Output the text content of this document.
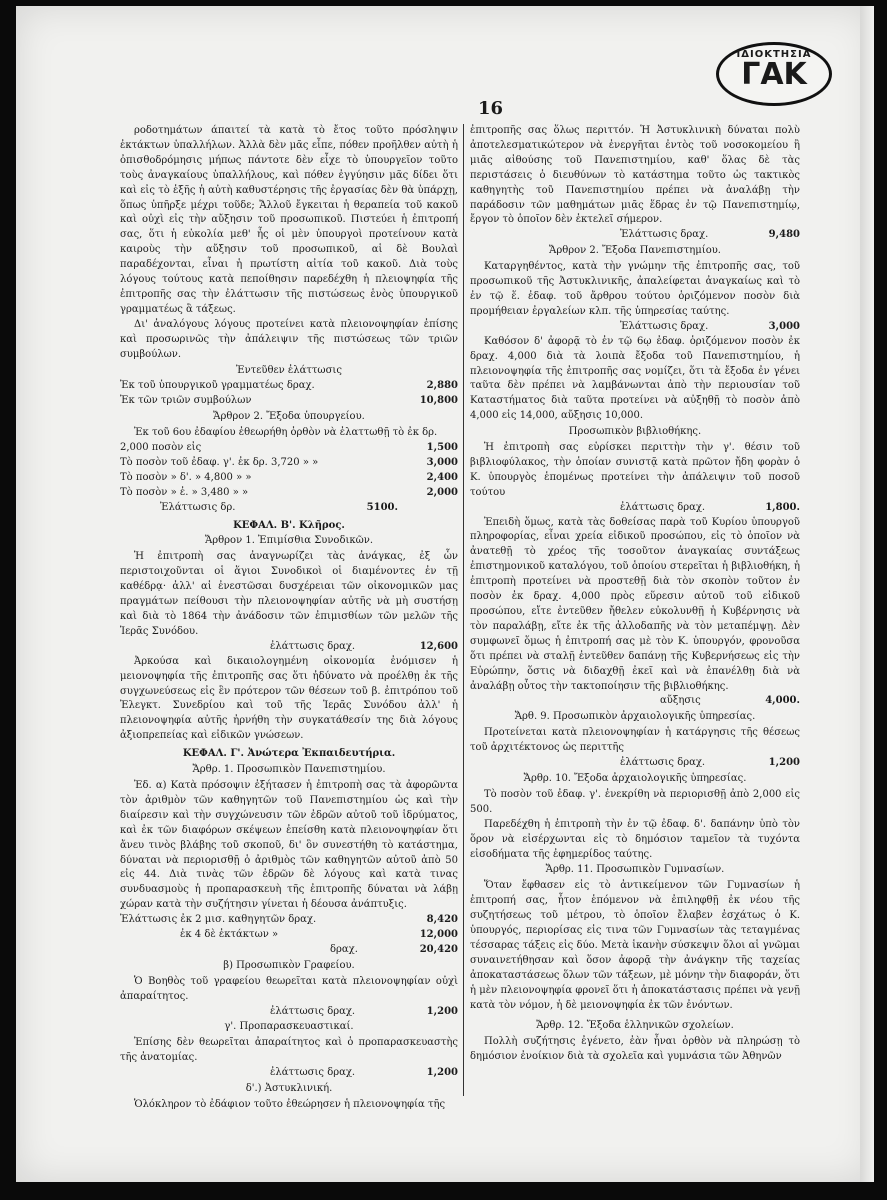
ΙΔΙΟΚΤΗΣΙΑ
ΓΑΚ
16

ροδοτημάτων άπαιτεί τὰ κατὰ τὸ ἔτος τοῦτο πρόσληψιν ἐκτάκτων ὑπαλλήλων. Ἀλλὰ δὲν μᾶς εἶπε, πόθεν προῆλθεν αὐτὴ ἡ ὀπισθοδρόμησις μήπως πάντοτε δὲν εἶχε τὸ ὑπουργεῖον τοῦτο τοὺς ἀναγκαίους ὑπαλλήλους, καὶ πόθεν ἐγγύησιν μᾶς δίδει ὅτι καὶ εἰς τὸ ἑξῆς ἡ αὐτὴ καθυστέρησις τῆς ἐργασίας δὲν θὰ ὑπάρχῃ, ὅπως ὑπῆρξε μέχρι τοῦδε; Ἄλλοῦ ἔγκειται ἡ θεραπεία τοῦ κακοῦ καὶ οὐχὶ εἰς τὴν αὔξησιν τοῦ προσωπικοῦ. Πιστεύει ἡ ἐπιτροπή σας, ὅτι ἡ εὐκολία μεθ' ἧς οἱ μὲν ὑπουργοὶ προτείνουν κατὰ καιροὺς τὴν αὔξησιν τοῦ προσωπικοῦ, αἱ δὲ Βουλαὶ παραδέχονται, εἶναι ἡ πρωτίστη αἰτία τοῦ κακοῦ. Διὰ τοὺς λόγους τούτους κατὰ πεποίθησιν παρεδέχθη ἡ πλειοψηφία τῆς ἐπιτροπῆς σας τὴν ἐλάττωσιν τῆς πιστώσεως ἑνὸς ὑπουργικοῦ γραμματέως ἃ τάξεως.

Δι' ἀναλόγους λόγους προτείνει κατὰ πλειονοψηφίαν ἐπίσης καὶ προσωρινῶς τὴν ἀπάλειψιν τῆς πιστώσεως τῶν τριῶν συμβούλων.

Ἐντεῦθεν ἐλάττωσις

Ἐκ τοῦ ὑπουργικοῦ γραμματέως δραχ.	2,880
Ἐκ τῶν τριῶν συμβούλων	10,800

Ἄρθρον 2. Ἔξοδα ὑπουργείου.

Ἐκ τοῦ 6ου ἐδαφίου ἐθεωρήθη ὀρθὸν νὰ ἐλαττωθῇ τὸ ἐκ δρ.

2,000 ποσὸν εἰς	1,500
Τὸ ποσὸν τοῦ ἐδαφ. γ'. ἐκ δρ. 3,720 » »	3,000
Τὸ ποσὸν » δ'. » 4,800 » »	2,400
Τὸ ποσὸν » ἐ. » 3,480 » »	2,000
Ἐλάττωσις δρ.	5100.

ΚΕΦΑΛ. Β'. Κλῆρος.

Ἄρθρον 1. Ἐπιμίσθια Συνοδικῶν.

Ἡ ἐπιτροπὴ σας ἀναγνωρίζει τὰς ἀνάγκας, ἐξ ὧν περιστοιχοῦνται οἱ ἅγιοι Συνοδικοὶ οἱ διαμένοντες ἐν τῇ καθέδρᾳ· ἀλλ' αἱ ἐνεστῶσαι δυσχέρειαι τῶν οἰκονομικῶν μας πραγμάτων πείθουσι τὴν πλειονοψηφίαν αὐτῆς νὰ μὴ συστήσῃ καὶ διὰ τὸ 1864 τὴν ἀνάδοσιν τῶν ἐπιμισθίων τῶν μελῶν τῆς Ἱερᾶς Συνόδου.

ἐλάττωσις δραχ.	12,600

Ἀρκούσα καὶ δικαιολογημένη οἰκονομία ἐνόμισεν ἡ μειονοψηφία τῆς ἐπιτροπῆς σας ὅτι ἠδύνατο νὰ προέλθῃ ἐκ τῆς συγχωνεύσεως εἰς ἓν πρότερον τῶν θέσεων τοῦ β. ἐπιτρόπου τοῦ Ἐλεγκτ. Συνεδρίου καὶ τοῦ τῆς Ἱερᾶς Συνόδου ἀλλ' ἡ πλειονοψηφία αὐτῆς ἠρνήθη τὴν συγκατάθεσίν της διὰ λόγους ἀξιοπρεπείας καὶ εἰδικῶν γνώσεων.

ΚΕΦΑΛ. Γ'. Ἀνώτερα Ἐκπαιδευτήρια.

Ἄρθρ. 1. Προσωπικὸν Πανεπιστημίου.

Ἐδ. α) Κατὰ πρόσοψιν ἐξήτασεν ἡ ἐπιτροπὴ σας τὰ ἀφορῶντα τὸν ἀριθμὸν τῶν καθηγητῶν τοῦ Πανεπιστημίου ὡς καὶ τὴν διαίρεσιν καὶ τὴν συγχώνευσιν τῶν ἐδρῶν αὐτοῦ τοῦ ἱδρύματος, καὶ ἐκ τῶν διαφόρων σκέψεων ἐπείσθη κατὰ πλειονοψηφίαν ὅτι ἄνευ τινὸς βλάβης τοῦ σκοποῦ, δι' ὃν συνεστήθη τὸ κατάστημα, δύναται νὰ περιορισθῇ ὁ ἀριθμὸς τῶν καθηγητῶν αὐτοῦ ἀπὸ 50 εἰς 44. Διὰ τινὰς τῶν ἐδρῶν δὲ λόγους καὶ κατὰ τινας συνδυασμοὺς ἡ προπαρασκευὴ τῆς ἐπιτροπῆς δύναται νὰ λάβῃ χώραν κατὰ τὴν συζήτησιν γίνεται ἡ δέουσα ἀνάπτυξις.

Ἐλάττωσις ἐκ 2 μισ. καθηγητῶν δραχ.	8,420
ἐκ 4 δὲ ἐκτάκτων »	12,000
δραχ.	20,420

β) Προσωπικὸν Γραφείου.

Ὁ Βοηθὸς τοῦ γραφείου θεωρεῖται κατὰ πλειονοψηφίαν οὐχὶ ἀπαραίτητος.

ἐλάττωσις δραχ.	1,200

γ'. Προπαρασκευαστικαί.

Ἐπίσης δὲν θεωρεῖται ἀπαραίτητος καὶ ὁ προπαρασκευαστὴς τῆς ἀνατομίας.

ἐλάττωσις δραχ.	1,200

δ'.) Ἀστυκλινική.

Ὁλόκληρον τὸ ἐδάφιον τοῦτο ἐθεώρησεν ἡ πλειονοψηφία τῆς

ἐπιτροπῆς σας ὅλως περιττόν. Ἡ Ἀστυκλινικὴ δύναται πολὺ ἀποτελεσματικώτερον νὰ ἐνεργῆται ἐντὸς τοῦ νοσοκομείου ἢ μιᾶς αἰθούσης τοῦ Πανεπιστημίου, καθ' ὅλας δὲ τὰς περιστάσεις ὁ διευθύνων τὸ κατάστημα τοῦτο ὡς τακτικὸς καθηγητὴς τοῦ Πανεπιστημίου πρέπει νὰ ἀναλάβῃ τὴν παράδοσιν τῶν μαθημάτων μιᾶς ἕδρας ἐν τῷ Πανεπιστημίῳ, ἔργον τὸ ὁποῖον δὲν ἐκτελεῖ σήμερον.

Ἐλάττωσις δραχ.	9,480

Ἄρθρον 2. Ἔξοδα Πανεπιστημίου.

Καταργηθέντος, κατὰ τὴν γνώμην τῆς ἐπιτροπῆς σας, τοῦ προσωπικοῦ τῆς Ἀστυκλινικῆς, ἀπαλείφεται ἀναγκαίως καὶ τὸ ἐν τῷ ἕ. ἐδαφ. τοῦ ἄρθρου τούτου ὁριζόμενον ποσὸν διὰ προμήθειαν ἐργαλείων κλπ. τῆς ὑπηρεσίας ταύτης.

Ἐλάττωσις δραχ.	3,000

Καθόσον δ' ἀφορᾷ τὸ ἐν τῷ 6ῳ ἐδαφ. ὁριζόμενον ποσὸν ἐκ δραχ. 4,000 διὰ τὰ λοιπὰ ἔξοδα τοῦ Πανεπιστημίου, ἡ πλειονοψηφία τῆς ἐπιτροπῆς σας νομίζει, ὅτι τὰ ἔξοδα ἐν γένει ταῦτα δὲν πρέπει νὰ λαμβάνωνται ἀπὸ τὴν περιουσίαν τοῦ Καταστήματος διὰ ταῦτα προτείνει νὰ αὐξηθῇ τὸ ποσὸν ἀπὸ 4,000 εἰς 14,000, αὔξησις 10,000.

Προσωπικὸν βιβλιοθήκης.

Ἡ ἐπιτροπὴ σας εὑρίσκει περιττὴν τὴν γ'. θέσιν τοῦ βιβλιοφύλακος, τὴν ὁποίαν συνιστᾷ κατὰ πρῶτον ἤδη φορὰν ὁ Κ. ὑπουργὸς ἑπομένως προτείνει τὴν ἀπάλειψιν τοῦ ποσοῦ τούτου

ἐλάττωσις δραχ.	1,800.

Ἐπειδὴ ὅμως, κατὰ τὰς δοθείσας παρὰ τοῦ Κυρίου ὑπουργοῦ πληροφορίας, εἶναι χρεία εἰδικοῦ προσώπου, εἰς τὸ ὁποῖον νὰ ἀνατεθῇ τὸ χρέος τῆς τοσοῦτον ἀναγκαίας συντάξεως ἐπιστημονικοῦ καταλόγου, τοῦ ὁποίου στερεῖται ἡ βιβλιοθήκη, ἡ ἐπιτροπὴ προτείνει νὰ προστεθῇ διὰ τὸν σκοπὸν τοῦτον ἐν ποσὸν ἐκ δραχ. 4,000 πρὸς εὕρεσιν αὐτοῦ τοῦ εἰδικοῦ προσώπου, εἴτε ἐντεῦθεν ἤθελεν εὐκολυνθῇ ἡ Κυβέρνησις νὰ τὸν παραλάβῃ, εἴτε ἐκ τῆς ἀλλοδαπῆς νὰ τὸν μεταπέμψῃ. Δὲν συμφωνεῖ ὅμως ἡ ἐπιτροπή σας μὲ τὸν Κ. ὑπουργόν, φρονοῦσα ὅτι πρέπει νὰ σταλῇ ἐντεῦθεν δαπάνῃ τῆς Κυβερνήσεως εἰς τὴν Εὐρώπην, ὅστις νὰ διδαχθῇ ἐκεῖ καὶ νὰ ἐπανέλθῃ διὰ νὰ ἀναλάβῃ οὗτος τὴν τακτοποίησιν τῆς βιβλιοθήκης.

αὔξησις	4,000.

Ἄρθ. 9. Προσωπικὸν ἀρχαιολογικῆς ὑπηρεσίας.

Προτείνεται κατὰ πλειονοψηφίαν ἡ κατάργησις τῆς θέσεως τοῦ ἀρχιτέκτονος ὡς περιττῆς

ἐλάττωσις δραχ.	1,200

Ἄρθρ. 10. Ἔξοδα ἀρχαιολογικῆς ὑπηρεσίας.

Τὸ ποσὸν τοῦ ἐδαφ. γ'. ἐνεκρίθη νὰ περιορισθῇ ἀπὸ 2,000 εἰς 500.

Παρεδέχθη ἡ ἐπιτροπὴ τὴν ἐν τῷ ἐδαφ. δ'. δαπάνην ὑπὸ τὸν ὅρον νὰ εἰσέρχωνται εἰς τὸ δημόσιον ταμεῖον τὰ τυχόντα εἰσοδήματα τῆς ἐφημερίδος ταύτης.

Ἄρθρ. 11. Προσωπικὸν Γυμνασίων.

Ὅταν ἔφθασεν εἰς τὸ ἀντικείμενον τῶν Γυμνασίων ἡ ἐπιτροπή σας, ἦτον ἑπόμενον νὰ ἐπιληφθῇ ἐκ νέου τῆς συζητήσεως τοῦ μέτρου, τὸ ὁποῖον ἔλαβεν ἐσχάτως ὁ Κ. ὑπουργός, περιορίσας εἰς τινα τῶν Γυμνασίων τὰς τεταγμένας τέσσαρας τάξεις εἰς δύο. Μετὰ ἱκανὴν σύσκεψιν ὅλοι αἱ γνῶμαι συναινετήθησαν καὶ ὅσον ἀφορᾷ τὴν ἀνάγκην τῆς ταχείας ἀποκαταστάσεως ὅλων τῶν τάξεων, μὲ μόνην τὴν διαφοράν, ὅτι ἡ μὲν πλειονοψηφία φρονεῖ ὅτι ἡ ἀποκατάστασις πρέπει νὰ γενῇ κατὰ τὸν νόμον, ἡ δὲ μειονοψηφία ἐκ τῶν ἐνόντων.

Ἄρθρ. 12. Ἔξοδα ἑλληνικῶν σχολείων.

Πολλὴ συζήτησις ἐγένετο, ἐὰν ἦναι ὀρθὸν νὰ πληρώσῃ τὸ δημόσιον ἐνοίκιον διὰ τὰ σχολεῖα καὶ γυμνάσια τῶν Ἀθηνῶν
